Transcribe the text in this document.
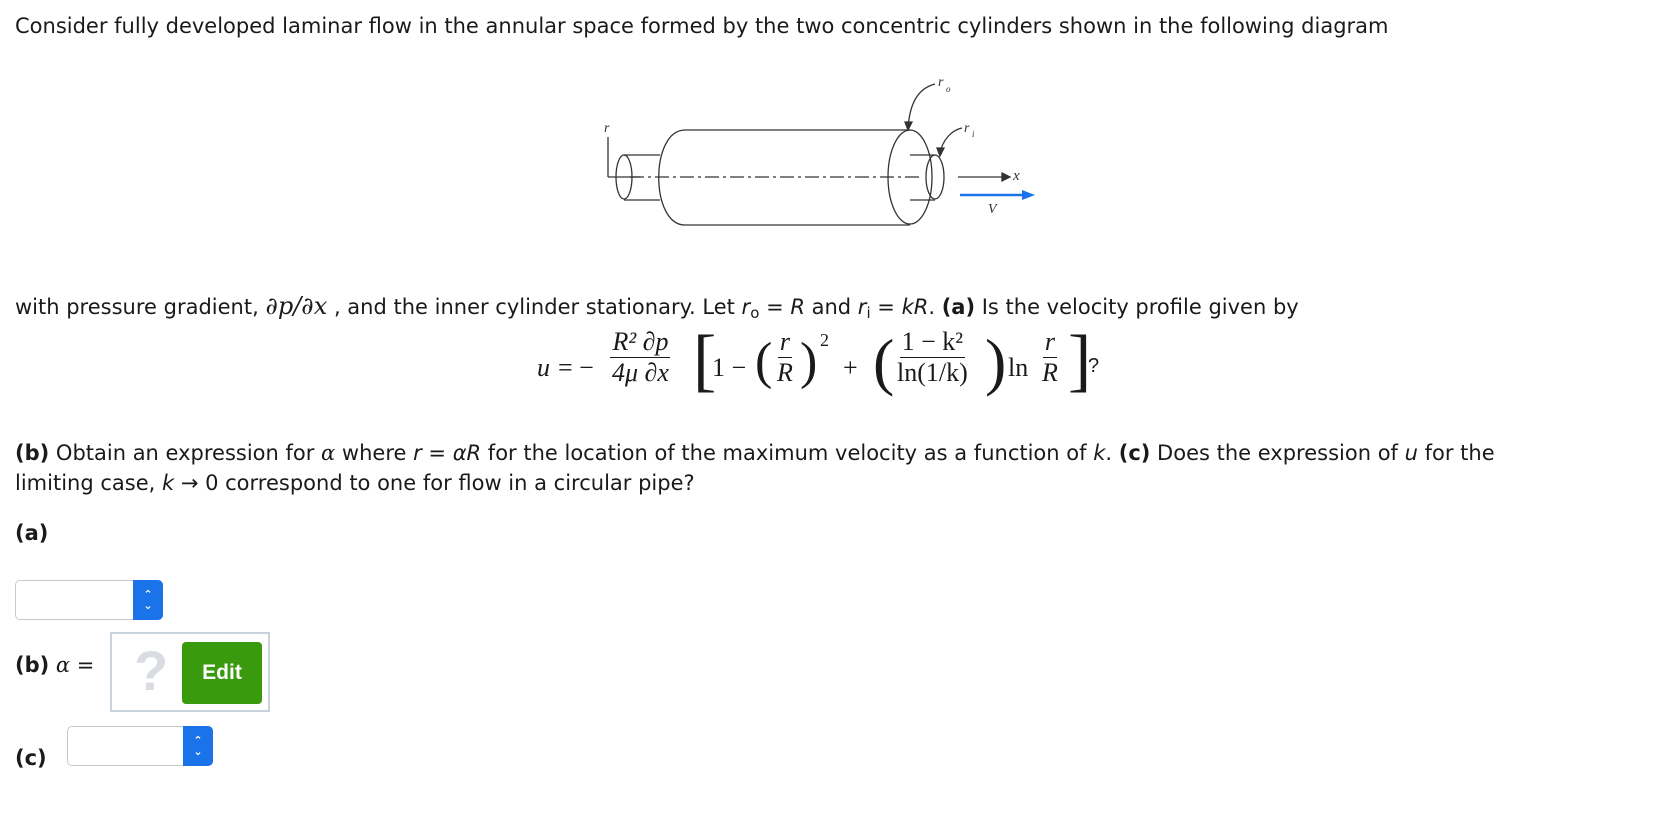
Consider fully developed laminar flow in the annular space formed by the two concentric cylinders shown in the following diagram
r
r o
r i
x
V
with pressure gradient, ∂p/∂x , and the inner cylinder stationary. Let $r_o = R$ and $r_i$ = kR. (a) Is the velocity profile given by
u = − $\frac{\text{R² ∂p}}{4\mu \partial x}$ [
1 − ( $\frac{r}{R}$ ) 2
+ ( $\frac{\text{1 − k²}}{\ln(1/k)}$ ) $\ln \frac{r}{R}$ ]
?
(b) Obtain an expression for α where r = αR for the location of the maximum velocity as a function of k. (c) Does the expression of u for the
limiting case, k → 0 correspond to one for flow in a circular pipe?
(a)
⌃
⌄
(b) α = ?	Edit
(c)
⌃
⌄
